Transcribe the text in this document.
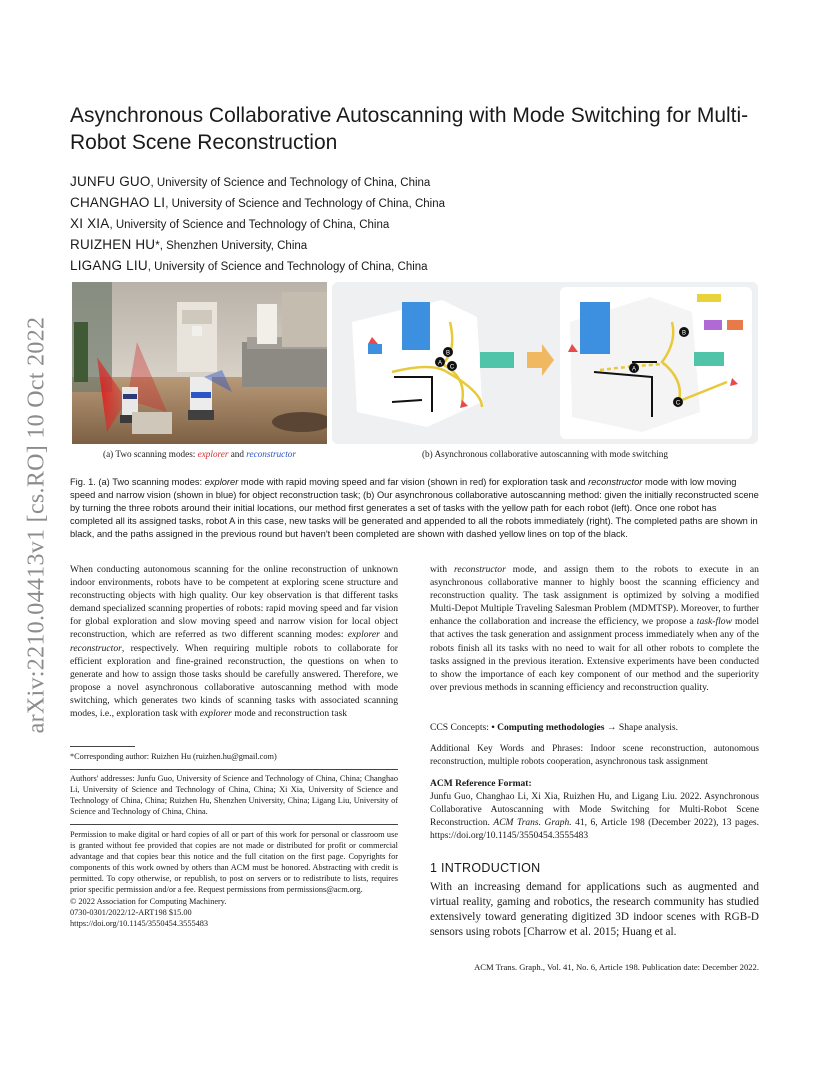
arXiv:2210.04413v1 [cs.RO] 10 Oct 2022
Asynchronous Collaborative Autoscanning with Mode Switching for Multi-Robot Scene Reconstruction
JUNFU GUO, University of Science and Technology of China, China
CHANGHAO LI, University of Science and Technology of China, China
XI XIA, University of Science and Technology of China, China
RUIZHEN HU*, Shenzhen University, China
LIGANG LIU, University of Science and Technology of China, China
(a) Two scanning modes: explorer and reconstructor
A
B
C	A
B
C
(b) Asynchronous collaborative autoscanning with mode switching
Fig. 1. (a) Two scanning modes: explorer mode with rapid moving speed and far vision (shown in red) for exploration task and reconstructor mode with low moving speed and narrow vision (shown in blue) for object reconstruction task; (b) Our asynchronous collaborative autoscanning method: given the initially reconstructed scene by turning the three robots around their initial locations, our method first generates a set of tasks with the yellow path for each robot (left). Once one robot has completed all its assigned tasks, robot A in this case, new tasks will be generated and appended to all the robots immediately (right). The completed paths are shown in black, and the paths assigned in the previous round but haven't been completed are shown with dashed yellow lines on top of the black.

When conducting autonomous scanning for the online reconstruction of unknown indoor environments, robots have to be competent at exploring scene structure and reconstructing objects with high quality. Our key observation is that different tasks demand specialized scanning properties of robots: rapid moving speed and far vision for global exploration and slow moving speed and narrow vision for local object reconstruction, which are referred as two different scanning modes: explorer and reconstructor, respectively. When requiring multiple robots to collaborate for efficient exploration and fine-grained reconstruction, the questions on when to generate and how to assign those tasks should be carefully answered. Therefore, we propose a novel asynchronous collaborative autoscanning method with mode switching, which generates two kinds of scanning tasks with associated scanning modes, i.e., exploration task with explorer mode and reconstruction task

*Corresponding author: Ruizhen Hu (ruizhen.hu@gmail.com)
Authors' addresses: Junfu Guo, University of Science and Technology of China, China; Changhao Li, University of Science and Technology of China, China; Xi Xia, University of Science and Technology of China, China; Ruizhen Hu, Shenzhen University, China; Ligang Liu, University of Science and Technology of China, China.
Permission to make digital or hard copies of all or part of this work for personal or classroom use is granted without fee provided that copies are not made or distributed for profit or commercial advantage and that copies bear this notice and the full citation on the first page. Copyrights for components of this work owned by others than ACM must be honored. Abstracting with credit is permitted. To copy otherwise, or republish, to post on servers or to redistribute to lists, requires prior specific permission and/or a fee. Request permissions from permissions@acm.org.
© 2022 Association for Computing Machinery.
0730-0301/2022/12-ART198 $15.00
https://doi.org/10.1145/3550454.3555483

with reconstructor mode, and assign them to the robots to execute in an asynchronous collaborative manner to highly boost the scanning efficiency and reconstruction quality. The task assignment is optimized by solving a modified Multi-Depot Multiple Traveling Salesman Problem (MDMTSP). Moreover, to further enhance the collaboration and increase the efficiency, we propose a task-flow model that actives the task generation and assignment process immediately when any of the robots finish all its tasks with no need to wait for all other robots to complete the tasks assigned in the previous iteration. Extensive experiments have been conducted to show the importance of each key component of our method and the superiority over previous methods in scanning efficiency and reconstruction quality.

CCS Concepts: • Computing methodologies → Shape analysis.
Additional Key Words and Phrases: Indoor scene reconstruction, autonomous reconstruction, multiple robots cooperation, asynchronous task assignment
ACM Reference Format:
Junfu Guo, Changhao Li, Xi Xia, Ruizhen Hu, and Ligang Liu. 2022. Asynchronous Collaborative Autoscanning with Mode Switching for Multi-Robot Scene Reconstruction. ACM Trans. Graph. 41, 6, Article 198 (December 2022), 13 pages. https://doi.org/10.1145/3550454.3555483
1 INTRODUCTION
With an increasing demand for applications such as augmented and virtual reality, gaming and robotics, the research community has studied extensively toward generating digitized 3D indoor scenes with RGB-D sensors using robots [Charrow et al. 2015; Huang et al.
ACM Trans. Graph., Vol. 41, No. 6, Article 198. Publication date: December 2022.
